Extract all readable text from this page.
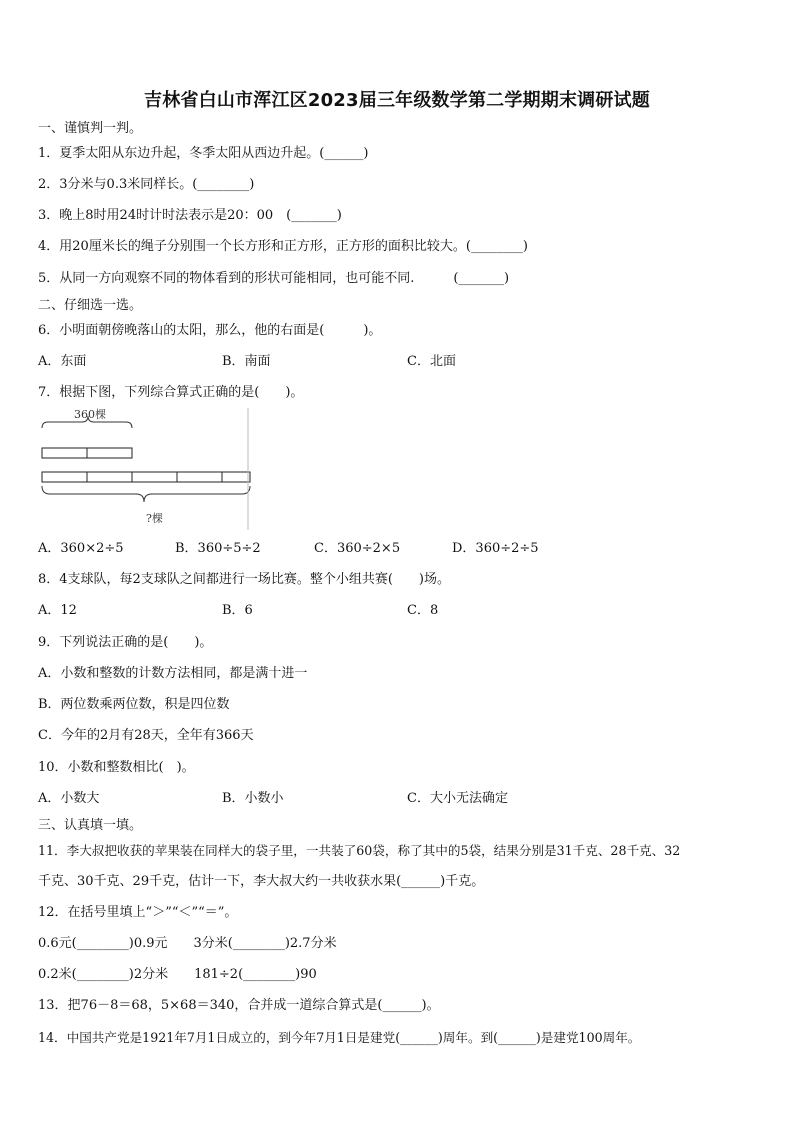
吉林省白山市浑江区2023届三年级数学第二学期期末调研试题
一、谨慎判一判。
1．夏季太阳从东边升起，冬季太阳从西边升起。(______)
2．3分米与0.3米同样长。(________)
3．晚上8时用24时计时法表示是20：00　(_______)
4．用20厘米长的绳子分别围一个长方形和正方形，正方形的面积比较大。(________)
5．从同一方向观察不同的物体看到的形状可能相同，也可能不同.　　　(_______)
二、仔细选一选。
6．小明面朝傍晚落山的太阳，那么，他的右面是(　　　)。
A．东面	B．南面	C．北面
7．根据下图，下列综合算式正确的是(　　)。
360棵
?棵
A．360×2÷5	B．360÷5÷2	C．360÷2×5	D．360÷2÷5
8．4支球队，每2支球队之间都进行一场比赛。整个小组共赛(　　)场。
A．12	B．6	C．8
9．下列说法正确的是(　　)。
A．小数和整数的计数方法相同，都是满十进一
B．两位数乘两位数，积是四位数
C．今年的2月有28天，全年有366天
10．小数和整数相比(　)。
A．小数大	B．小数小	C．大小无法确定
三、认真填一填。
11．李大叔把收获的苹果装在同样大的袋子里，一共装了60袋，称了其中的5袋，结果分别是31千克、28千克、32
千克、30千克、29千克，估计一下，李大叔大约一共收获水果(______)千克。
12．在括号里填上“＞”“＜”“＝”。
0.6元(________)0.9元　　3分米(________)2.7分米
0.2米(________)2分米　　181÷2(________)90
13．把76－8＝68，5×68＝340，合并成一道综合算式是(______)。
14．中国共产党是1921年7月1日成立的，到今年7月1日是建党(______)周年。到(______)是建党100周年。
